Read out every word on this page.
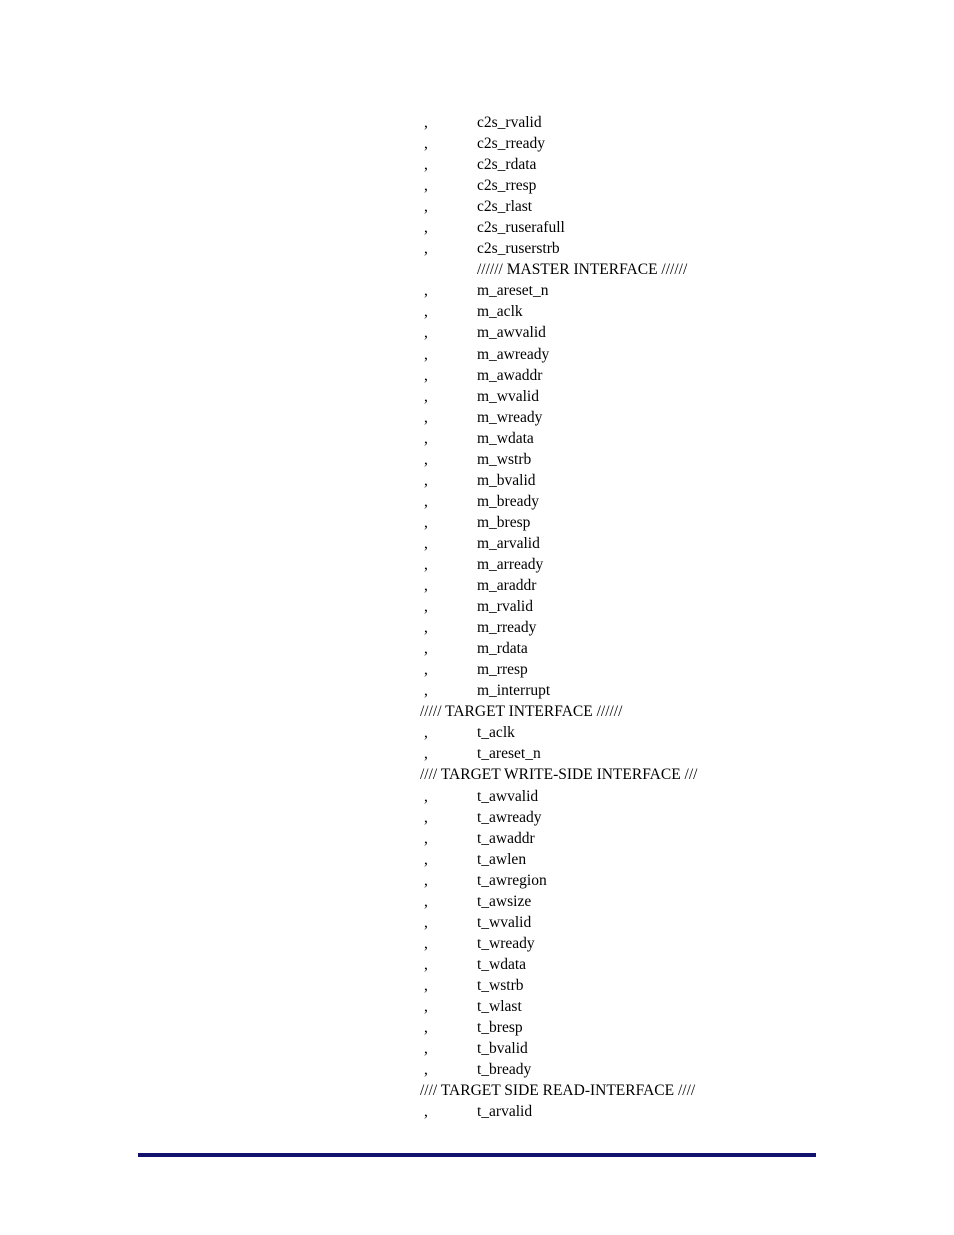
,	c2s_rvalid
,	c2s_rready
,	c2s_rdata
,	c2s_rresp
,	c2s_rlast
,	c2s_ruserafull
,	c2s_ruserstrb
////// MASTER INTERFACE //////
,	m_areset_n
,	m_aclk
,	m_awvalid
,	m_awready
,	m_awaddr
,	m_wvalid
,	m_wready
,	m_wdata
,	m_wstrb
,	m_bvalid
,	m_bready
,	m_bresp
,	m_arvalid
,	m_arready
,	m_araddr
,	m_rvalid
,	m_rready
,	m_rdata
,	m_rresp
,	m_interrupt
///// TARGET INTERFACE //////
,	t_aclk
,	t_areset_n
//// TARGET WRITE-SIDE INTERFACE ///
,	t_awvalid
,	t_awready
,	t_awaddr
,	t_awlen
,	t_awregion
,	t_awsize
,	t_wvalid
,	t_wready
,	t_wdata
,	t_wstrb
,	t_wlast
,	t_bresp
,	t_bvalid
,	t_bready
//// TARGET SIDE READ-INTERFACE ////
,	t_arvalid
